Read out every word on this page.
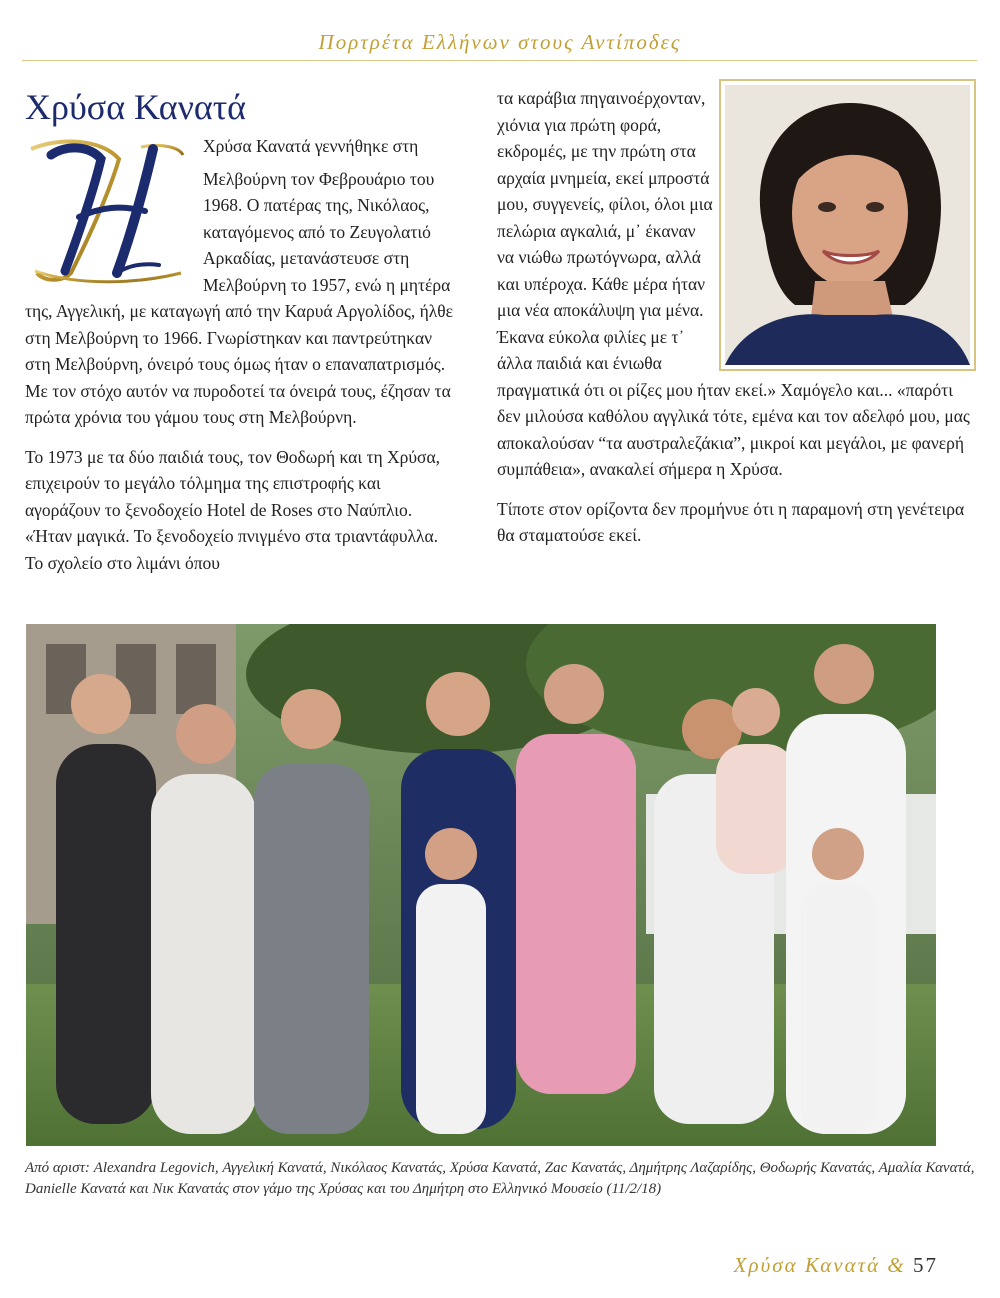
Πορτρέτα Ελλήνων στους Αντίποδες
Χρύσα Κανατά

Χρύσα Κανατά γεννήθηκε στη Μελβούρνη τον Φεβρουάριο του 1968. Ο πατέρας της, Νικόλαος, καταγόμενος από το Ζευγολατιό Αρκαδίας, μετανάστευσε στη Μελβούρνη το 1957, ενώ η μητέρα της, Αγγελική, με καταγωγή από την Καρυά Αργολίδος, ήλθε στη Μελβούρνη το 1966. Γνωρίστηκαν και παντρεύτηκαν στη Μελβούρνη, όνειρό τους όμως ήταν ο επαναπατρισμός. Με τον στόχο αυτόν να πυροδοτεί τα όνειρά τους, έζησαν τα πρώτα χρόνια του γάμου τους στη Μελβούρνη.

Το 1973 με τα δύο παιδιά τους, τον Θοδωρή και τη Χρύσα, επιχειρούν το μεγάλο τόλμημα της επιστροφής και αγοράζουν το ξενοδοχείο Hotel de Roses στο Ναύπλιο. «Ήταν μαγικά. Το ξενοδοχείο πνιγμένο στα τριαντάφυλλα. Το σχολείο στο λιμάνι όπου

τα καράβια πηγαινοέρχονταν, χιόνια για πρώτη φορά, εκδρομές, με την πρώτη στα αρχαία μνημεία, εκεί μπροστά μου, συγγενείς, φίλοι, όλοι μια πελώρια αγκαλιά, μ᾽ έκαναν να νιώθω πρωτόγνωρα, αλλά και υπέροχα. Κάθε μέρα ήταν μια νέα αποκάλυψη για μένα. Έκανα εύκολα φιλίες με τ᾽ άλλα παιδιά και ένιωθα πραγματικά ότι οι ρίζες μου ήταν εκεί.» Χαμόγελο και... «παρότι δεν μιλούσα καθόλου αγγλικά τότε, εμένα και τον αδελφό μου, μας αποκαλούσαν “τα αυστραλεζάκια”, μικροί και μεγάλοι, με φανερή συμπάθεια», ανακαλεί σήμερα η Χρύσα.

Τίποτε στον ορίζοντα δεν προμήνυε ότι η παραμονή στη γενέτειρα θα σταματούσε εκεί.

Από αριστ: Alexandra Legovich, Αγγελική Κανατά, Νικόλαος Κανατάς, Χρύσα Κανατά, Zac Κανατάς, Δημήτρης Λαζαρίδης, Θοδωρής Κανατάς, Αμαλία Κανατά, Danielle Κανατά και Νικ Κανατάς στον γάμο της Χρύσας και του Δημήτρη στο Ελληνικό Μουσείο (11/2/18)
Χρύσα Κανατά & 57
